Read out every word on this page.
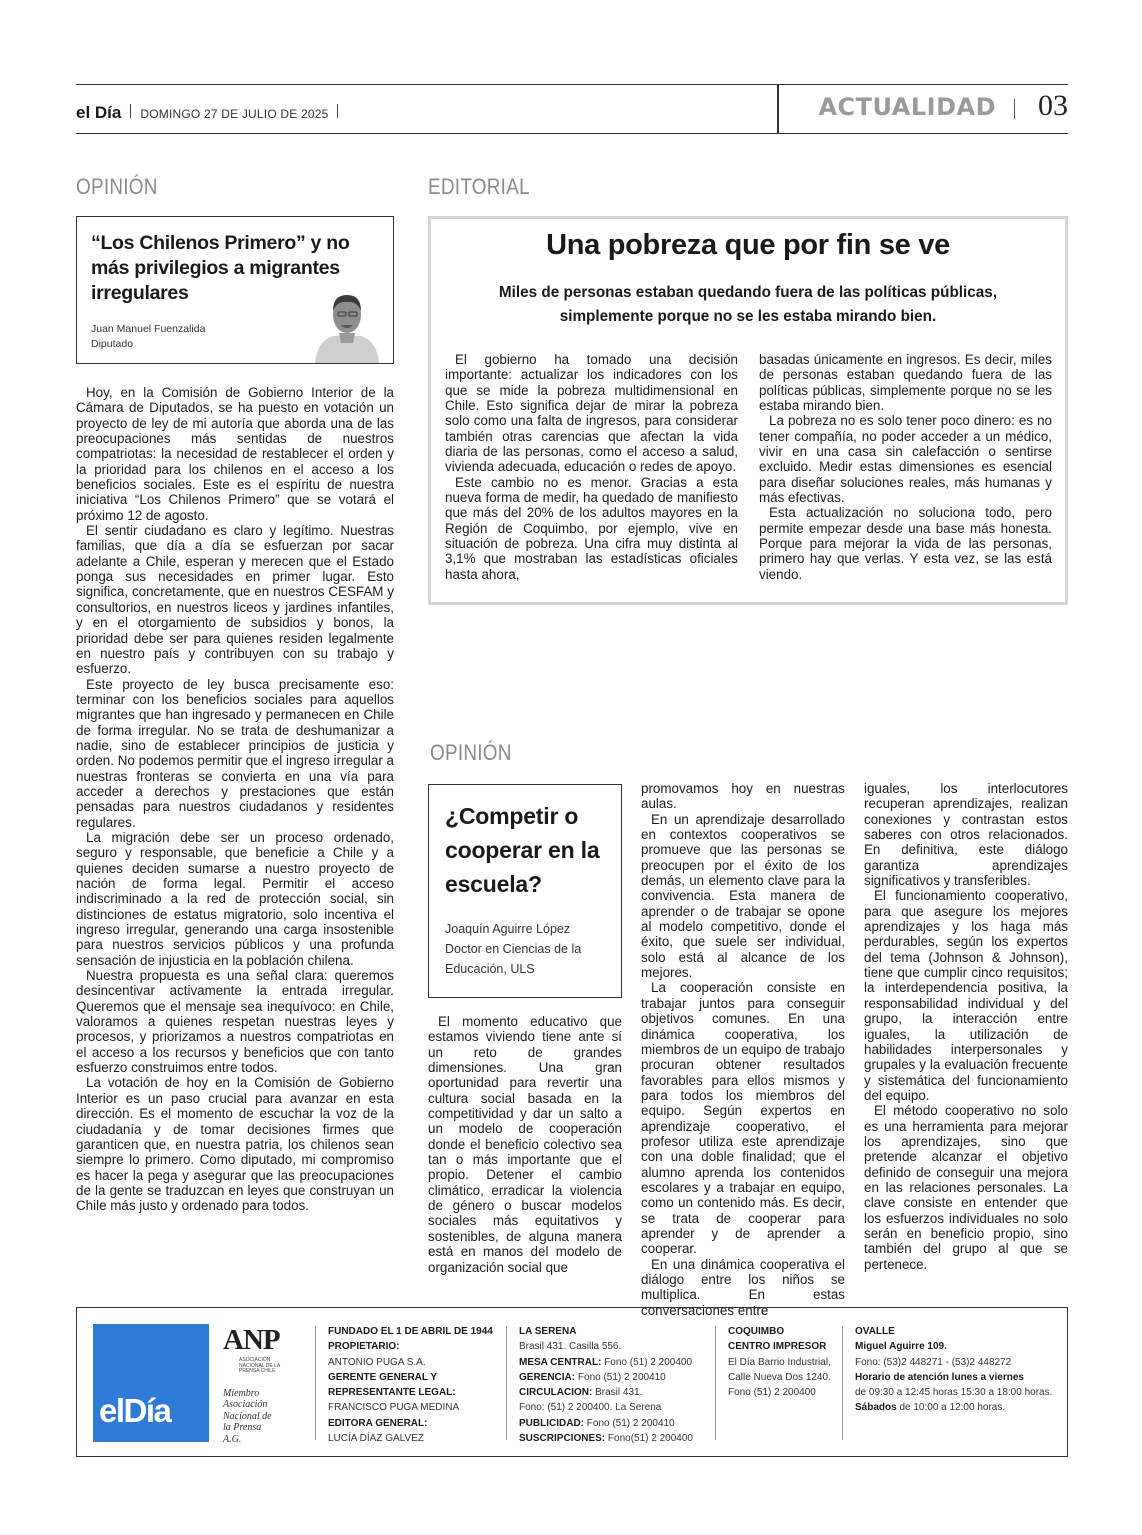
el Día DOMINGO 27 DE JULIO DE 2025	ACTUALIDAD 03
OPINIÓN
“Los Chilenos Primero” y no más privilegios a migrantes irregulares
Juan Manuel Fuenzalida
Diputado

Hoy, en la Comisión de Gobierno Interior de la Cámara de Diputados, se ha puesto en votación un proyecto de ley de mi autoría que aborda una de las preocupaciones más sentidas de nuestros compatriotas: la necesidad de restablecer el orden y la prioridad para los chilenos en el acceso a los beneficios sociales. Este es el espíritu de nuestra iniciativa “Los Chilenos Primero” que se votará el próximo 12 de agosto.

El sentir ciudadano es claro y legítimo. Nuestras familias, que día a día se esfuerzan por sacar adelante a Chile, esperan y merecen que el Estado ponga sus necesidades en primer lugar. Esto significa, concretamente, que en nuestros CESFAM y consultorios, en nuestros liceos y jardines infantiles, y en el otorgamiento de subsidios y bonos, la prioridad debe ser para quienes residen legalmente en nuestro país y contribuyen con su trabajo y esfuerzo.

Este proyecto de ley busca precisamente eso: terminar con los beneficios sociales para aquellos migrantes que han ingresado y permanecen en Chile de forma irregular. No se trata de deshumanizar a nadie, sino de establecer principios de justicia y orden. No podemos permitir que el ingreso irregular a nuestras fronteras se convierta en una vía para acceder a derechos y prestaciones que están pensadas para nuestros ciudadanos y residentes regulares.

La migración debe ser un proceso ordenado, seguro y responsable, que beneficie a Chile y a quienes deciden sumarse a nuestro proyecto de nación de forma legal. Permitir el acceso indiscriminado a la red de protección social, sin distinciones de estatus migratorio, solo incentiva el ingreso irregular, generando una carga insostenible para nuestros servicios públicos y una profunda sensación de injusticia en la población chilena.

Nuestra propuesta es una señal clara: queremos desincentivar activamente la entrada irregular. Queremos que el mensaje sea inequívoco: en Chile, valoramos a quienes respetan nuestras leyes y procesos, y priorizamos a nuestros compatriotas en el acceso a los recursos y beneficios que con tanto esfuerzo construimos entre todos.

La votación de hoy en la Comisión de Gobierno Interior es un paso crucial para avanzar en esta dirección. Es el momento de escuchar la voz de la ciudadanía y de tomar decisiones firmes que garanticen que, en nuestra patria, los chilenos sean siempre lo primero. Como diputado, mi compromiso es hacer la pega y asegurar que las preocupaciones de la gente se traduzcan en leyes que construyan un Chile más justo y ordenado para todos.

EDITORIAL
Una pobreza que por fin se ve
Miles de personas estaban quedando fuera de las políticas públicas,
simplemente porque no se les estaba mirando bien.

El gobierno ha tomado una decisión importante: actualizar los indicadores con los que se mide la pobreza multidimensional en Chile. Esto significa dejar de mirar la pobreza solo como una falta de ingresos, para considerar también otras carencias que afectan la vida diaria de las personas, como el acceso a salud, vivienda adecuada, educación o redes de apoyo.

Este cambio no es menor. Gracias a esta nueva forma de medir, ha quedado de manifiesto que más del 20% de los adultos mayores en la Región de Coquimbo, por ejemplo, vive en situación de pobreza. Una cifra muy distinta al 3,1% que mostraban las estadísticas oficiales hasta ahora,

basadas únicamente en ingresos. Es decir, miles de personas estaban quedando fuera de las políticas públicas, simplemente porque no se les estaba mirando bien.

La pobreza no es solo tener poco dinero: es no tener compañía, no poder acceder a un médico, vivir en una casa sin calefacción o sentirse excluido. Medir estas dimensiones es esencial para diseñar soluciones reales, más humanas y más efectivas.

Esta actualización no soluciona todo, pero permite empezar desde una base más honesta. Porque para mejorar la vida de las personas, primero hay que verlas. Y esta vez, se las está viendo.

OPINIÓN
¿Competir o cooperar en la escuela?
Joaquín Aguirre López
Doctor en Ciencias de la
Educación, ULS

El momento educativo que estamos viviendo tiene ante sí un reto de grandes dimensiones. Una gran oportunidad para revertir una cultura social basada en la competitividad y dar un salto a un modelo de cooperación donde el beneficio colectivo sea tan o más importante que el propio. Detener el cambio climático, erradicar la violencia de género o buscar modelos sociales más equitativos y sostenibles, de alguna manera está en manos del modelo de organización social que

promovamos hoy en nuestras aulas.

En un aprendizaje desarrollado en contextos cooperativos se promueve que las personas se preocupen por el éxito de los demás, un elemento clave para la convivencia. Esta manera de aprender o de trabajar se opone al modelo competitivo, donde el éxito, que suele ser individual, solo está al alcance de los mejores.

La cooperación consiste en trabajar juntos para conseguir objetivos comunes. En una dinámica cooperativa, los miembros de un equipo de trabajo procuran obtener resultados favorables para ellos mismos y para todos los miembros del equipo. Según expertos en aprendizaje cooperativo, el profesor utiliza este aprendizaje con una doble finalidad; que el alumno aprenda los contenidos escolares y a trabajar en equipo, como un contenido más. Es decir, se trata de cooperar para aprender y de aprender a cooperar.

En una dinámica cooperativa el diálogo entre los niños se multiplica. En estas conversaciones entre

iguales, los interlocutores recuperan aprendizajes, realizan conexiones y contrastan estos saberes con otros relacionados. En definitiva, este diálogo garantiza aprendizajes significativos y transferibles.

El funcionamiento cooperativo, para que asegure los mejores aprendizajes y los haga más perdurables, según los expertos del tema (Johnson & Johnson), tiene que cumplir cinco requisitos; la interdependencia positiva, la responsabilidad individual y del grupo, la interacción entre iguales, la utilización de habilidades interpersonales y grupales y la evaluación frecuente y sistemática del funcionamiento del equipo.

El método cooperativo no solo es una herramienta para mejorar los aprendizajes, sino que pretende alcanzar el objetivo definido de conseguir una mejora en las relaciones personales. La clave consiste en entender que los esfuerzos individuales no solo serán en beneficio propio, sino también del grupo al que se pertenece.

elDía
ANP
ASOCIACIÓN NACIONAL DE LA PRENSA CHILE
Miembro
Asociación
Nacional de
la Prensa
A.G.
FUNDADO EL 1 DE ABRIL DE 1944
PROPIETARIO:
ANTONIO PUGA S.A.
GERENTE GENERAL Y
REPRESENTANTE LEGAL:
FRANCISCO PUGA MEDINA
EDITORA GENERAL:
LUCÍA DÍAZ GALVEZ
LA SERENA
Brasil 431. Casilla 556.
MESA CENTRAL: Fono (51) 2 200400
GERENCIA: Fono (51) 2 200410
CIRCULACION: Brasil 431.
Fono: (51) 2 200400. La Serena
PUBLICIDAD: Fono (51) 2 200410
SUSCRIPCIONES: Fono(51) 2 200400
COQUIMBO
CENTRO IMPRESOR
El Día Barrio Industrial,
Calle Nueva Dos 1240.
Fono (51) 2 200400
OVALLE
Miguel Aguirre 109.
Fono: (53)2 448271 - (53)2 448272
Horario de atención lunes a viernes
de 09:30 a 12:45 horas 15:30 a 18:00 horas.
Sábados de 10:00 a 12:00 horas.
